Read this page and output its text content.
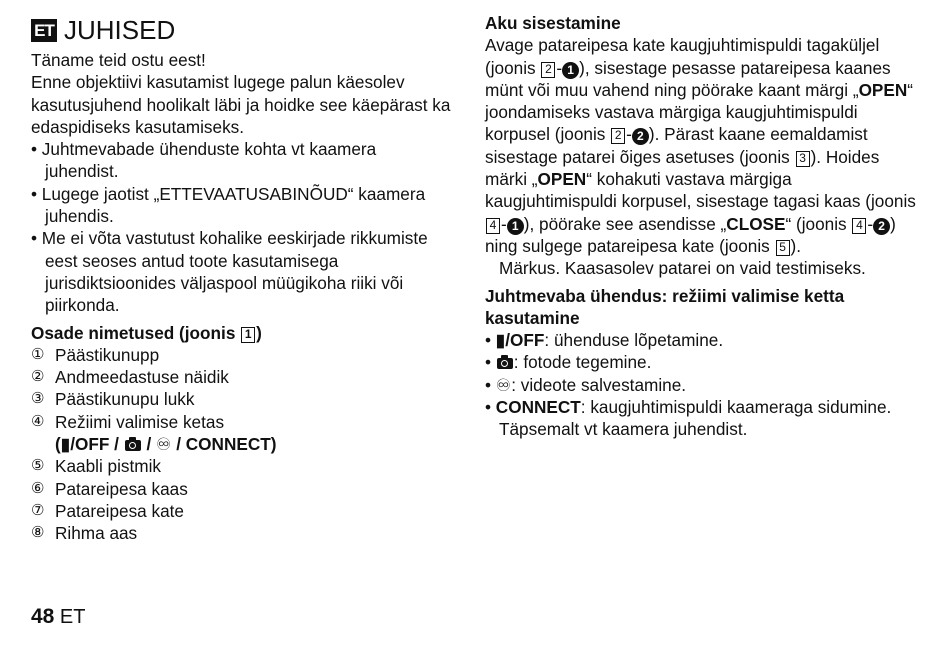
ET JUHISED
Täname teid ostu eest!
Enne objektiivi kasutamist lugege palun käesolev kasutusjuhend hoolikalt läbi ja hoidke see käepärast ka edaspidiseks kasutamiseks.
• Juhtmevabade ühenduste kohta vt kaamera juhendist.
• Lugege jaotist „ETTEVAATUSABINÕUD“ kaamera juhendis.
• Me ei võta vastutust kohalike eeskirjade rikkumiste eest seoses antud toote kasutamisega jurisdiktsioonides väljaspool müügikoha riiki või piirkonda.
Osade nimetused (joonis 1 )
① Päästikunupp
② Andmeedastuse näidik
③ Päästikunupu lukk
④ Režiimi valimise ketas
(▮/OFF /  / ♾ / CONNECT)
⑤ Kaabli pistmik
⑥ Patareipesa kaas
⑦ Patareipesa kate
⑧ Rihma aas
Aku sisestamine
Avage patareipesa kate kaugjuhtimispuldi tagaküljel (joonis 2 - 1 ), sisestage pesasse patareipesa kaanes münt või muu vahend ning pöörake kaant märgi „OPEN“ joondamiseks vastava märgiga kaugjuhtimispuldi korpusel (joonis 2 - 2 ). Pärast kaane eemaldamist sisestage patarei õiges asetuses (joonis 3 ). Hoides märki „OPEN“ kohakuti vastava märgiga kaugjuhtimispuldi korpusel, sisestage tagasi kaas (joonis 4 - 1 ), pöörake see asendisse „CLOSE“ (joonis 4 - 2 ) ning sulgege patareipesa kate (joonis 5 ).
Märkus. Kaasasolev patarei on vaid testimiseks.
Juhtmevaba ühendus: režiimi valimise ketta kasutamine
• ▮/OFF: ühenduse lõpetamine.
• : fotode tegemine.
• ♾: videote salvestamine.
• CONNECT: kaugjuhtimispuldi kaameraga sidumine. Täpsemalt vt kaamera juhendist.
48 ET
